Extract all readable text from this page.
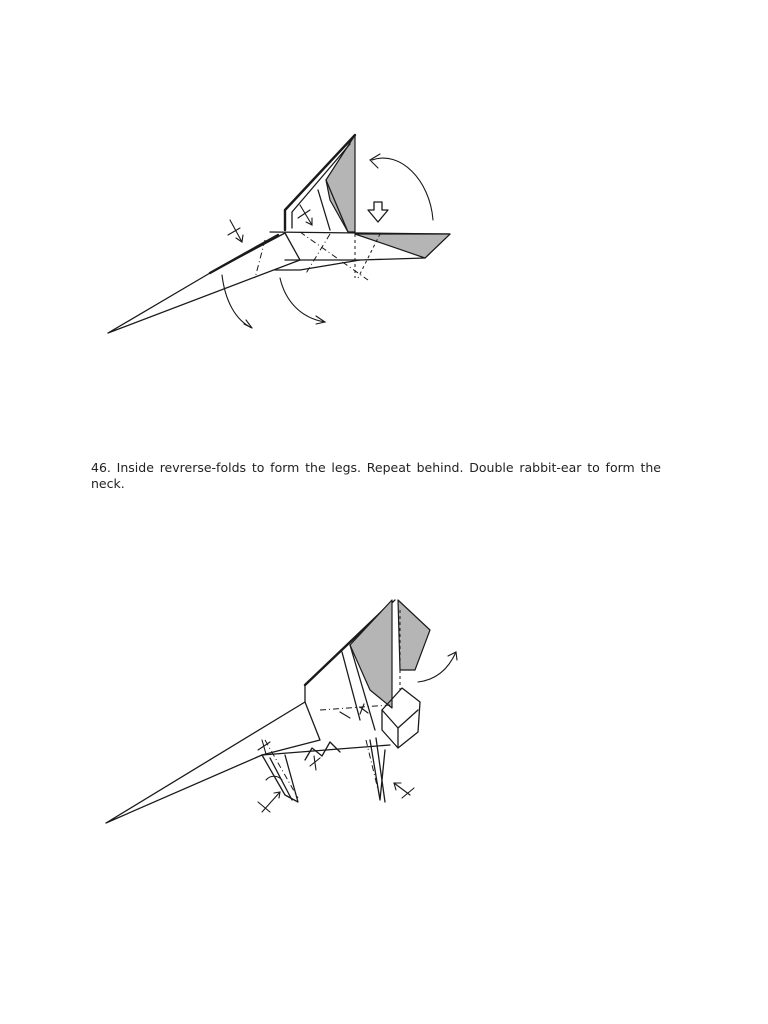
46. Inside revrerse-folds to form the legs. Repeat behind. Double rabbit-ear to form the neck.
